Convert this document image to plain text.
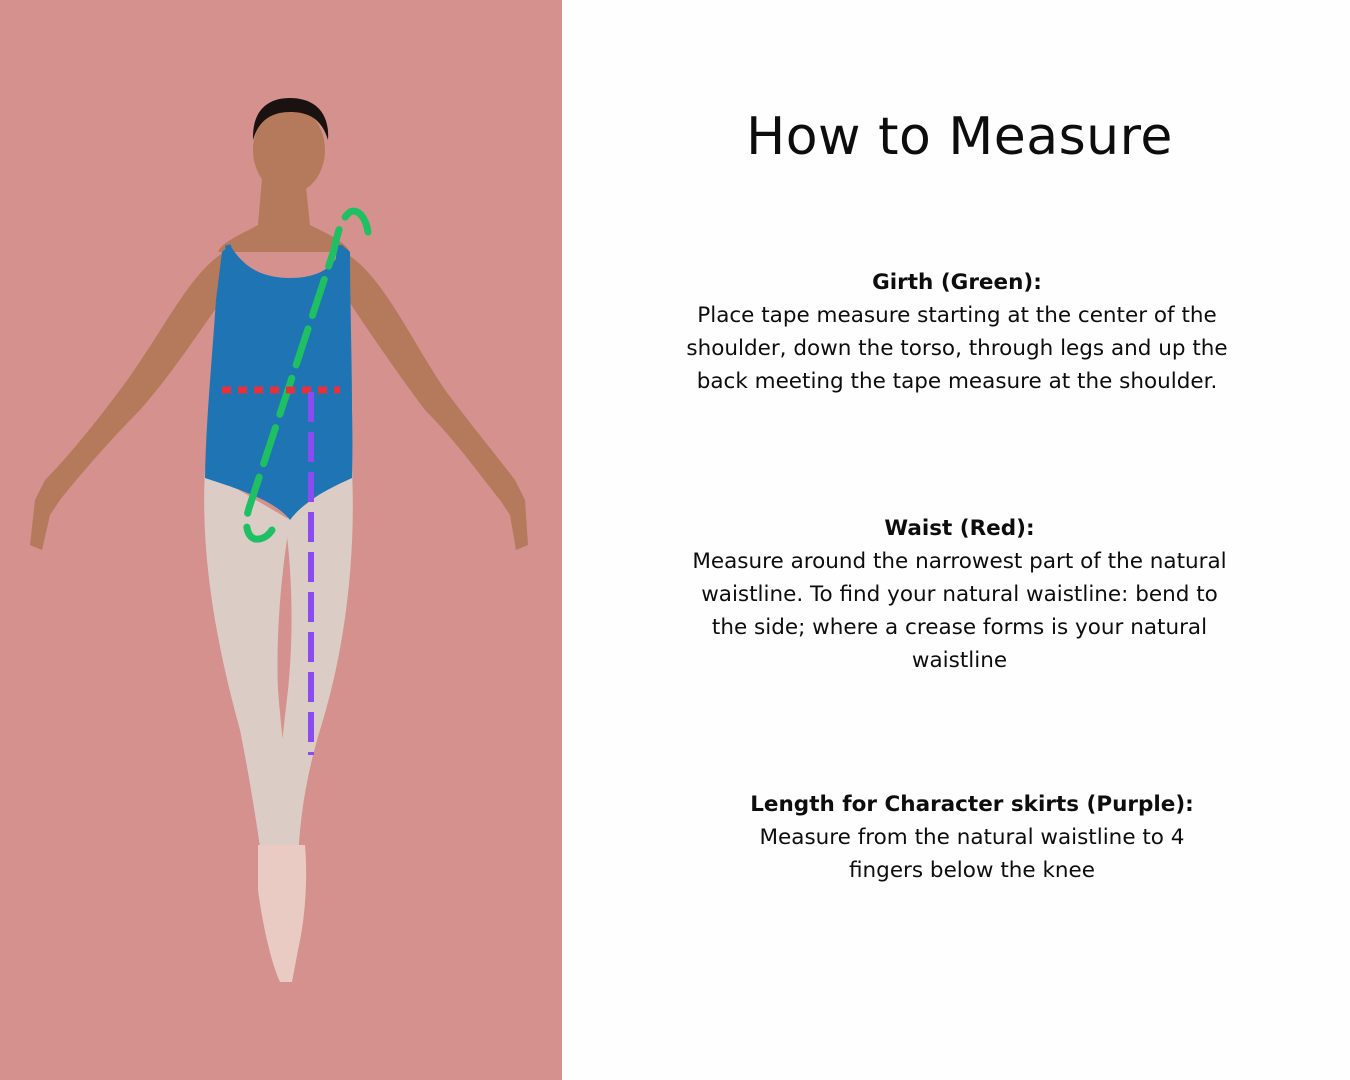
How to Measure
Girth (Green):
Place tape measure starting at the center of the shoulder, down the torso, through legs and up the back meeting the tape measure at the shoulder.
Waist (Red):
Measure around the narrowest part of the natural waistline. To find your natural waistline: bend to the side; where a crease forms is your natural waistline
Length for Character skirts (Purple):
Measure from the natural waistline to 4 fingers below the knee
